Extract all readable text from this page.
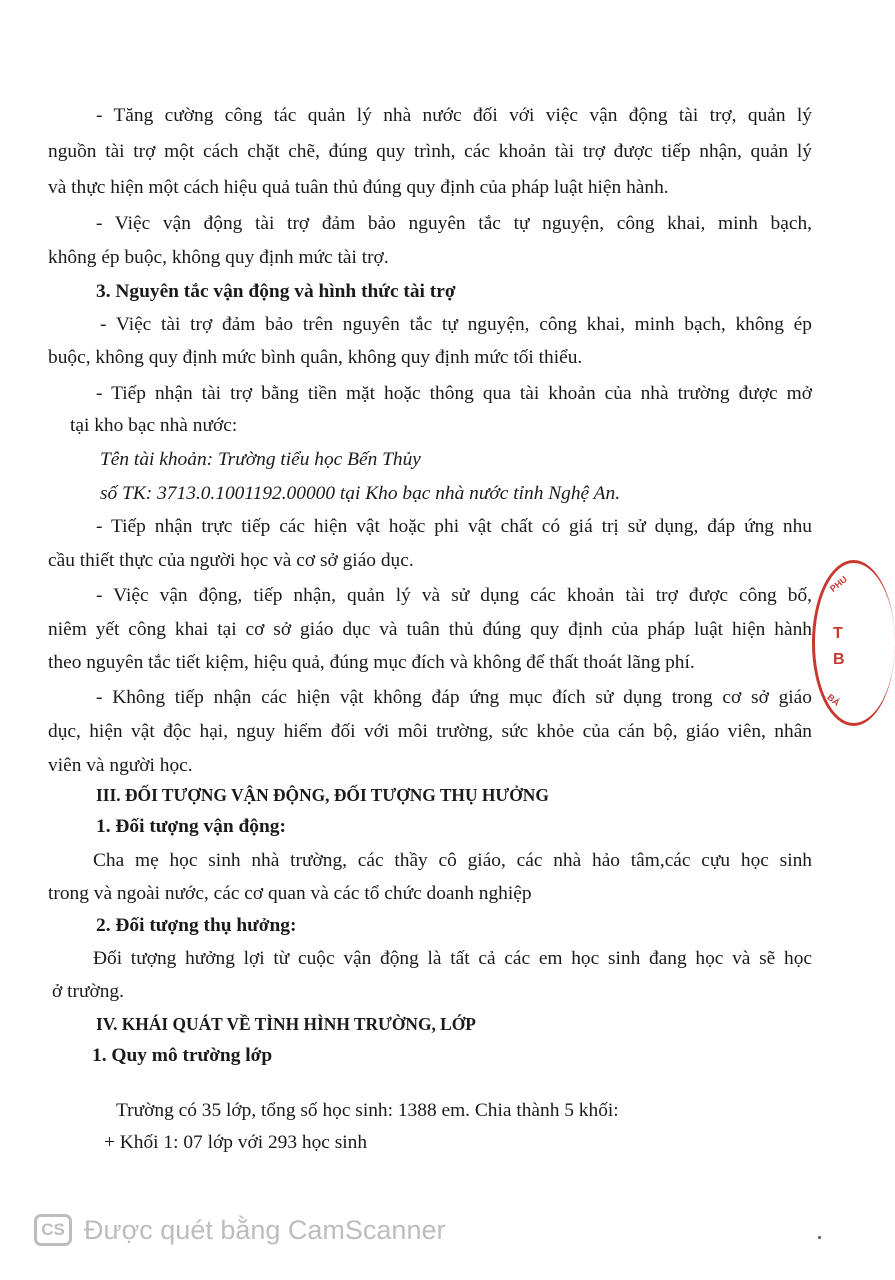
- Tăng cường công tác quản lý nhà nước đối với việc vận động tài trợ, quản lý
nguồn tài trợ một cách chặt chẽ, đúng quy trình, các khoản tài trợ được tiếp nhận, quản lý
và thực hiện một cách hiệu quả tuân thủ đúng quy định của pháp luật hiện hành.
- Việc vận động tài trợ đảm bảo nguyên tắc tự nguyện, công khai, minh bạch,
không ép buộc, không quy định mức tài trợ.
3. Nguyên tắc vận động và hình thức tài trợ
- Việc tài trợ đảm bảo trên nguyên tắc tự nguyện, công khai, minh bạch, không ép
buộc, không quy định mức bình quân, không quy định mức tối thiểu.
- Tiếp nhận tài trợ bằng tiền mặt hoặc thông qua tài khoản của nhà trường được mở
tại kho bạc nhà nước:
Tên tài khoản: Trường tiểu học Bến Thủy
số TK: 3713.0.1001192.00000 tại Kho bạc nhà nước tỉnh Nghệ An.
- Tiếp nhận trực tiếp các hiện vật hoặc phi vật chất có giá trị sử dụng, đáp ứng nhu
cầu thiết thực của người học và cơ sở giáo dục.
- Việc vận động, tiếp nhận, quản lý và sử dụng các khoản tài trợ được công bố,
niêm yết công khai tại cơ sở giáo dục và tuân thủ đúng quy định của pháp luật hiện hành
theo nguyên tắc tiết kiệm, hiệu quả, đúng mục đích và không để thất thoát lãng phí.
- Không tiếp nhận các hiện vật không đáp ứng mục đích sử dụng trong cơ sở giáo
dục, hiện vật độc hại, nguy hiểm đối với môi trường, sức khỏe của cán bộ, giáo viên, nhân
viên và người học.
III. ĐỐI TƯỢNG VẬN ĐỘNG, ĐỐI TƯỢNG THỤ HƯỞNG
1. Đối tượng vận động:
Cha mẹ học sinh nhà trường, các thầy cô giáo, các nhà hảo tâm,các cựu học sinh
trong và ngoài nước, các cơ quan và các tổ chức doanh nghiệp
2. Đối tượng thụ hưởng:
Đối tượng hưởng lợi từ cuộc vận động là tất cả các em học sinh đang học và sẽ học
ở trường.
IV. KHÁI QUÁT VỀ TÌNH HÌNH TRƯỜNG, LỚP
1. Quy mô trường lớp
Trường có 35 lớp, tổng số học sinh: 1388 em. Chia thành 5 khối:
+ Khối 1: 07 lớp với 293 học sinh
PHU
T
B
BÁ
CS Được quét bằng CamScanner
